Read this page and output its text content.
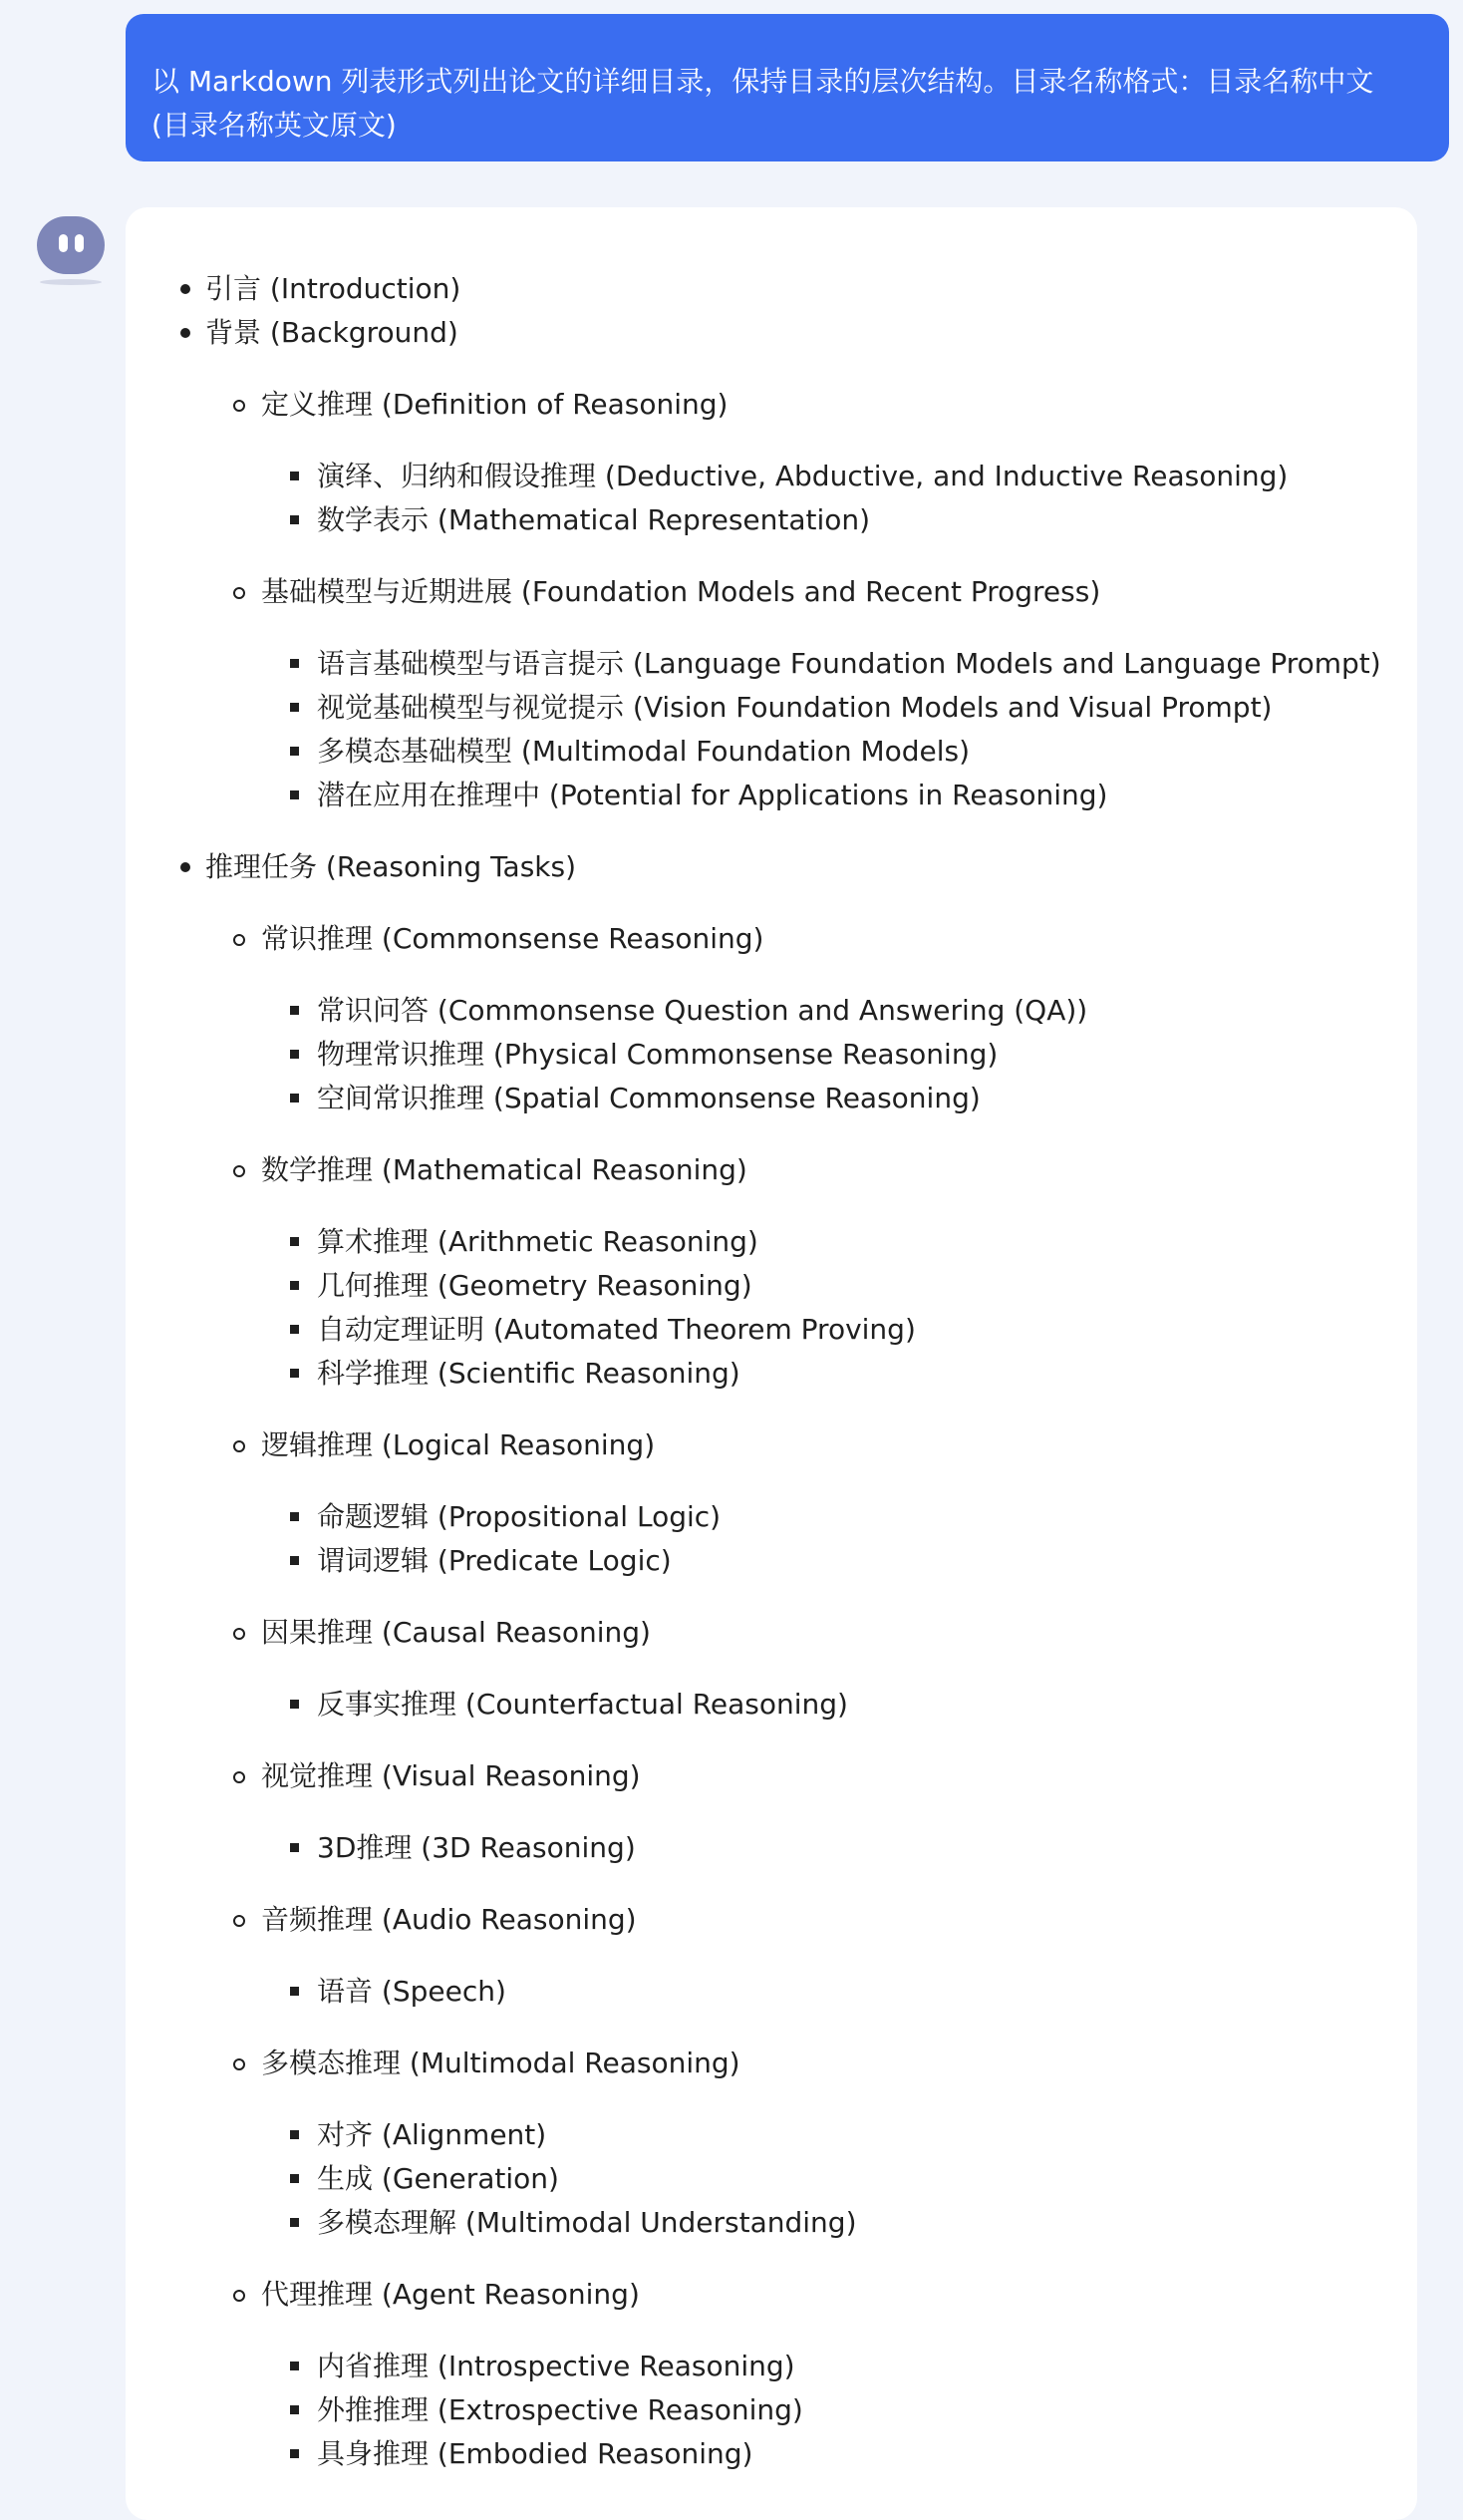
以 Markdown 列表形式列出论文的详细目录，保持目录的层次结构。目录名称格式：目录名称中文
(目录名称英文原文)
引言 (Introduction)
背景 (Background)
定义推理 (Definition of Reasoning)
演绎、归纳和假设推理 (Deductive, Abductive, and Inductive Reasoning)
数学表示 (Mathematical Representation)
基础模型与近期进展 (Foundation Models and Recent Progress)
语言基础模型与语言提示 (Language Foundation Models and Language Prompt)
视觉基础模型与视觉提示 (Vision Foundation Models and Visual Prompt)
多模态基础模型 (Multimodal Foundation Models)
潜在应用在推理中 (Potential for Applications in Reasoning)
推理任务 (Reasoning Tasks)
常识推理 (Commonsense Reasoning)
常识问答 (Commonsense Question and Answering (QA))
物理常识推理 (Physical Commonsense Reasoning)
空间常识推理 (Spatial Commonsense Reasoning)
数学推理 (Mathematical Reasoning)
算术推理 (Arithmetic Reasoning)
几何推理 (Geometry Reasoning)
自动定理证明 (Automated Theorem Proving)
科学推理 (Scientific Reasoning)
逻辑推理 (Logical Reasoning)
命题逻辑 (Propositional Logic)
谓词逻辑 (Predicate Logic)
因果推理 (Causal Reasoning)
反事实推理 (Counterfactual Reasoning)
视觉推理 (Visual Reasoning)
3D推理 (3D Reasoning)
音频推理 (Audio Reasoning)
语音 (Speech)
多模态推理 (Multimodal Reasoning)
对齐 (Alignment)
生成 (Generation)
多模态理解 (Multimodal Understanding)
代理推理 (Agent Reasoning)
内省推理 (Introspective Reasoning)
外推推理 (Extrospective Reasoning)
具身推理 (Embodied Reasoning)
